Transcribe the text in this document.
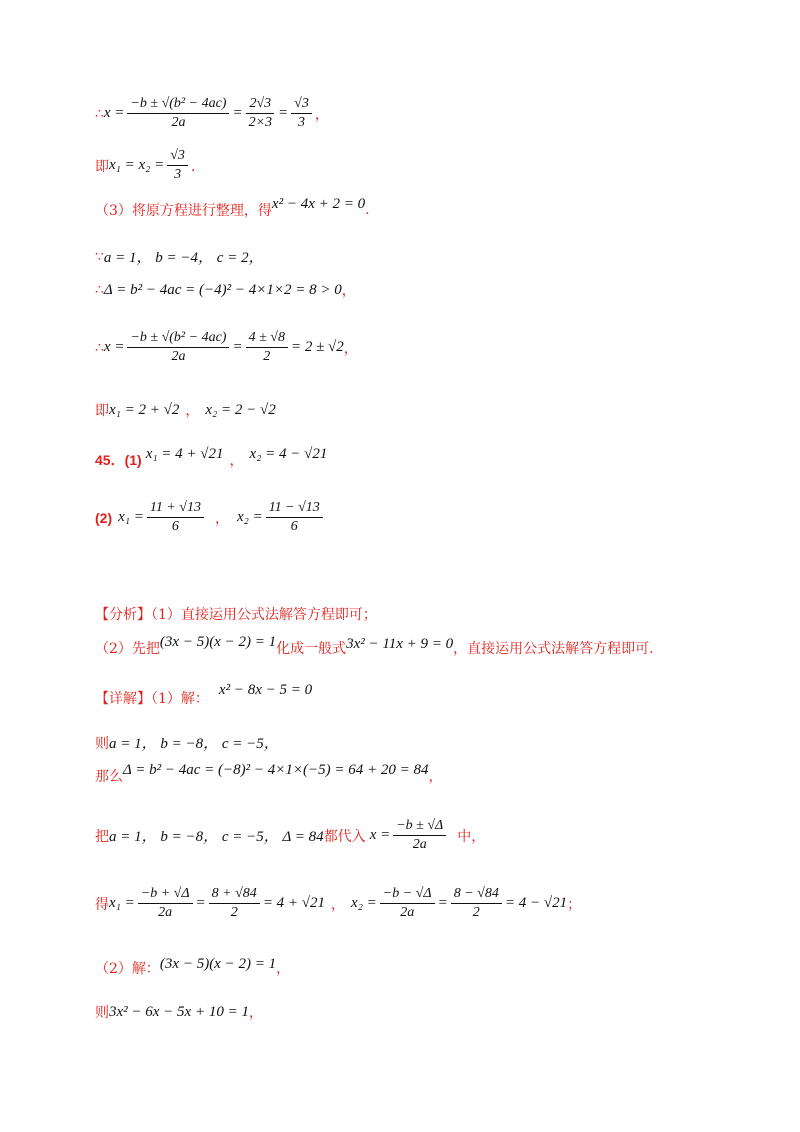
∴ $x = \frac{\text{−b ± √(b² − 4ac)}}{2a} = \frac{2√3}{2\times 3} = \frac{√3}{3}$ ，
即 $x_1 = x_2 = \frac{√3}{3}$ ．
（3）将原方程进行整理，得 x² − 4x + 2 = 0 .
∵ a = 1， b = −4， c = 2，
∴ Δ = b² − 4ac = (−4)² − 4×1×2 = 8 > 0 ，
∴ $x = \frac{\text{−b ± √(b² − 4ac)}}{2a} = \frac{4 \pm √8}{2} = 2 \pm √2$ ，
即 x₁ = 2 + √2 ， x₂ = 2 − √2
45．(1) x₁ = 4 + √21 ， x₂ = 4 − √21
(2) $x_1 = \frac{11 + √13}{6}$ ， $x_2 = \frac{11 - √13}{6}$
【分析】（1）直接运用公式法解答方程即可；
（2）先把 (3x − 5)(x − 2) = 1 化成一般式 3x² − 11x + 9 = 0 ，直接运用公式法解答方程即可.
【详解】（1）解：
x² − 8x − 5 = 0
则 a = 1， b = −8， c = −5，
那么 Δ = b² − 4ac = (−8)² − 4×1×(−5) = 64 + 20 = 84 ，
把 a = 1， b = −8， c = −5， Δ = 84 都代入 $x = \frac{-b \pm √\Delta}{2a}$ 中，
得 $x_1 = \frac{-b + √\Delta}{2a} = \frac{8 + √84}{2} = 4 + √21$ ， $x_2 = \frac{-b - √\Delta}{2a} = \frac{8 - √84}{2} = 4 - √21$ ；
（2）解： (3x − 5)(x − 2) = 1 ，
则 3x² − 6x − 5x + 10 = 1 ，
